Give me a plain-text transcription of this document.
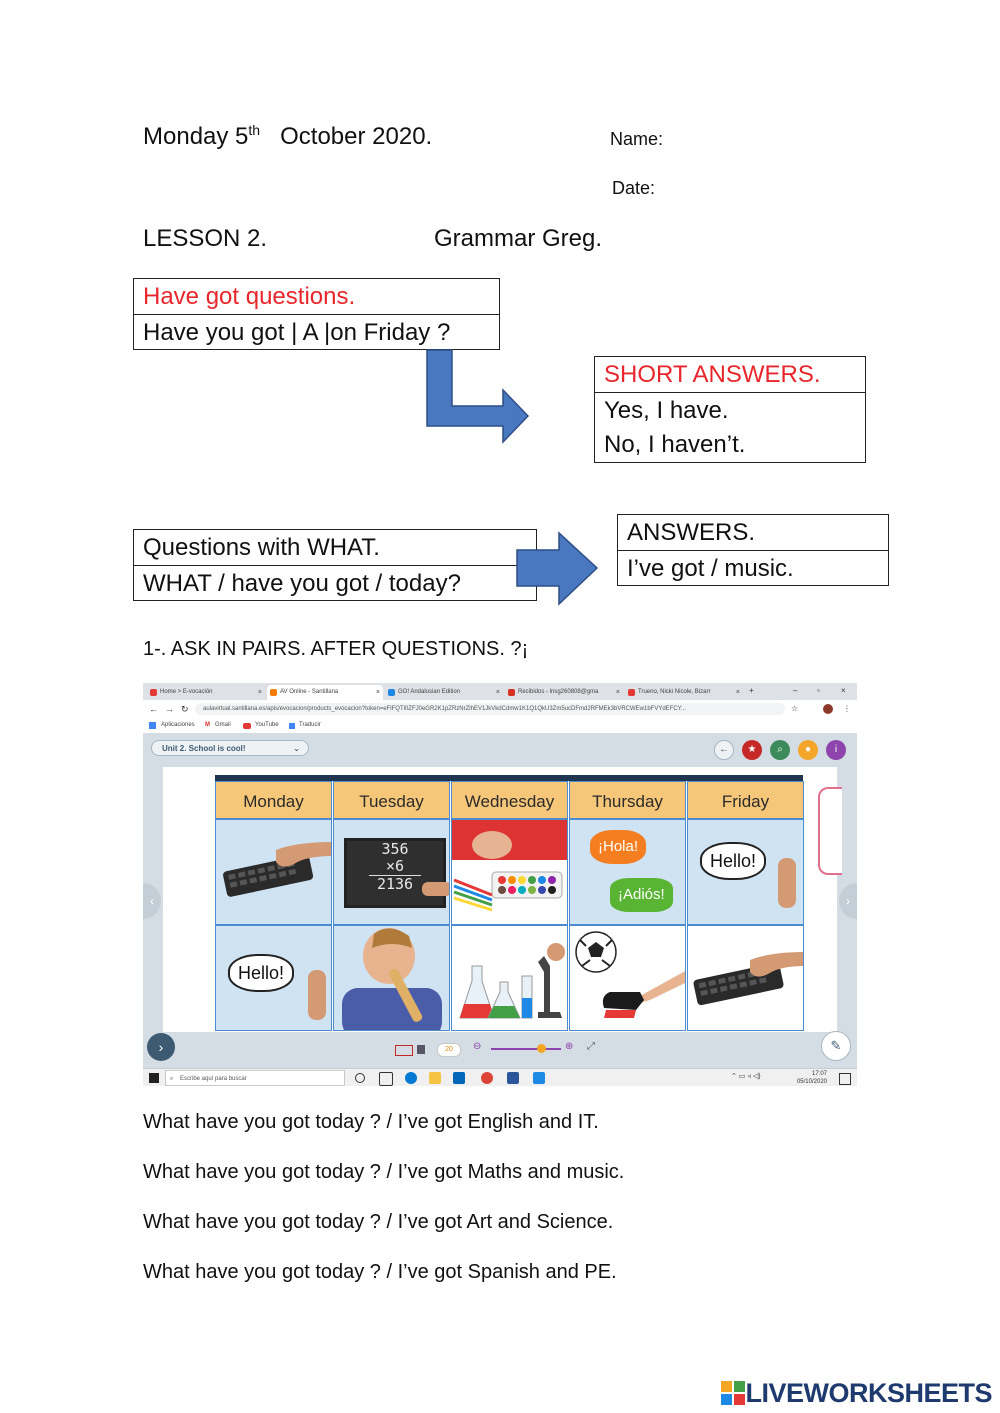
Monday 5th October 2020.	Name:
Date:
LESSON 2.	Grammar Greg.
Have got questions.
Have you got | A |on Friday ?
SHORT ANSWERS.
Yes, I have.
No, I haven’t.
Questions with WHAT.
WHAT / have you got / today?
ANSWERS.
I’ve got / music.
1-. ASK IN PAIRS. AFTER QUESTIONS. ?¡
Home > E-vocación	×	AV Online - Santillana	×	GO! Andalusian Edition	×	Recibidos - lnsg260808@gma ×	Trueno, Nicki Nicole, Bizarr	× +	– ▫	×
← → ↻	aulavirtual.santillana.es/apis/evocacion/products_evocacion?token=eFlFQTl0ZFJ0eGR2K1pZRzNrZlhEV1JkVkdCdmw1K1Q1QkU3Zm5ucDFmd2RFMEk3bVRCWEw1bFVYdEFCY...	☆	⋮
Aplicaciones M Gmail	YouTube	Traducir
Unit 2. School is cool!	⌄	←	★	⌕	●	i
‹	›
Monday	Tuesday	Wednesday	Thursday	Friday
356
×6
2136
¡Hola!
¡Adiós!
Hello!
Hello!
›	20	⊖	⊕ ⤢	✎
⌕ Escribe aquí para buscar	⌃ ▭ ◃ ◁)	17:07
05/10/2020
What have you got today ? / I’ve got English and IT.
What have you got today ? / I’ve got Maths and music.
What have you got today ? / I’ve got Art and Science.
What have you got today ? / I’ve got Spanish and PE.
LIVEWORKSHEETS
